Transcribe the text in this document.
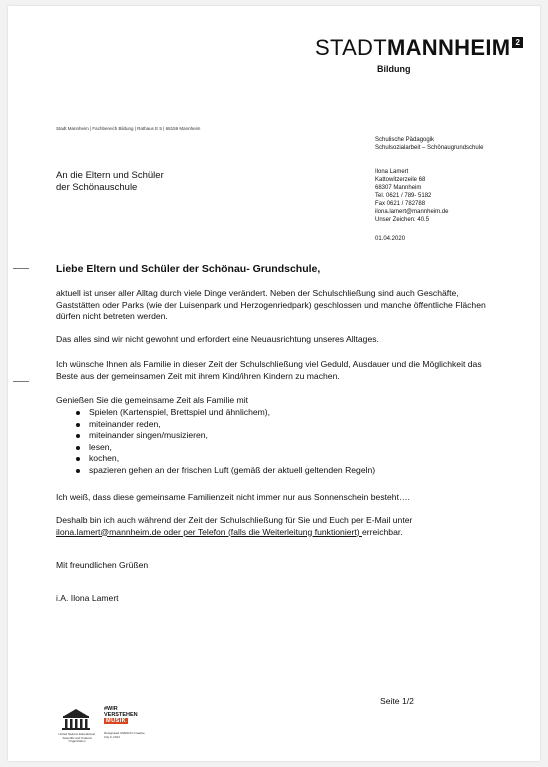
STADTMANNHEIM 2
Bildung
Stadt Mannheim | Fachbereich Bildung | Rathaus E 5 | 68159 Mannheim
Schulische Pädagogik
Schulsozialarbeit – Schönaugrundschule
An die Eltern und Schüler
der Schönauschule
Ilona Lamert
Kattowitzerzeile 68
68307 Mannheim
Tel. 0621 / 789- 5182
Fax 0621 / 782788
ilona.lamert@mannheim.de
Unser Zeichen: 40.5
01.04.2020
Liebe Eltern und Schüler der Schönau- Grundschule,
aktuell ist unser aller Alltag durch viele Dinge verändert. Neben der Schulschließung sind auch Geschäfte, Gaststätten oder Parks (wie der Luisenpark und Herzogenriedpark) geschlossen und manche öffentliche Flächen dürfen nicht betreten werden.
Das alles sind wir nicht gewohnt und erfordert eine Neuausrichtung unseres Alltages.
Ich wünsche Ihnen als Familie in dieser Zeit der Schulschließung viel Geduld, Ausdauer und die Möglichkeit das Beste aus der gemeinsamen Zeit mit ihrem Kind/ihren Kindern zu machen.
Genießen Sie die gemeinsame Zeit als Familie mit
Spielen (Kartenspiel, Brettspiel und ähnlichem),
miteinander reden,
miteinander singen/musizieren,
lesen,
kochen,
spazieren gehen an der frischen Luft (gemäß der aktuell geltenden Regeln)
Ich weiß, dass diese gemeinsame Familienzeit nicht immer nur aus Sonnenschein besteht….
Deshalb bin ich auch während der Zeit der Schulschließung für Sie und Euch per E-Mail unter ilona.lamert@mannheim.de oder per Telefon (falls die Weiterleitung funktioniert) erreichbar.
Mit freundlichen Grüßen
i.A. Ilona Lamert
Seite 1/2
United Nations Educational, Scientific and Cultural Organization
#WIR
VERSTEHEN
MUSIK
Designated UNESCO Creative City in 2014
